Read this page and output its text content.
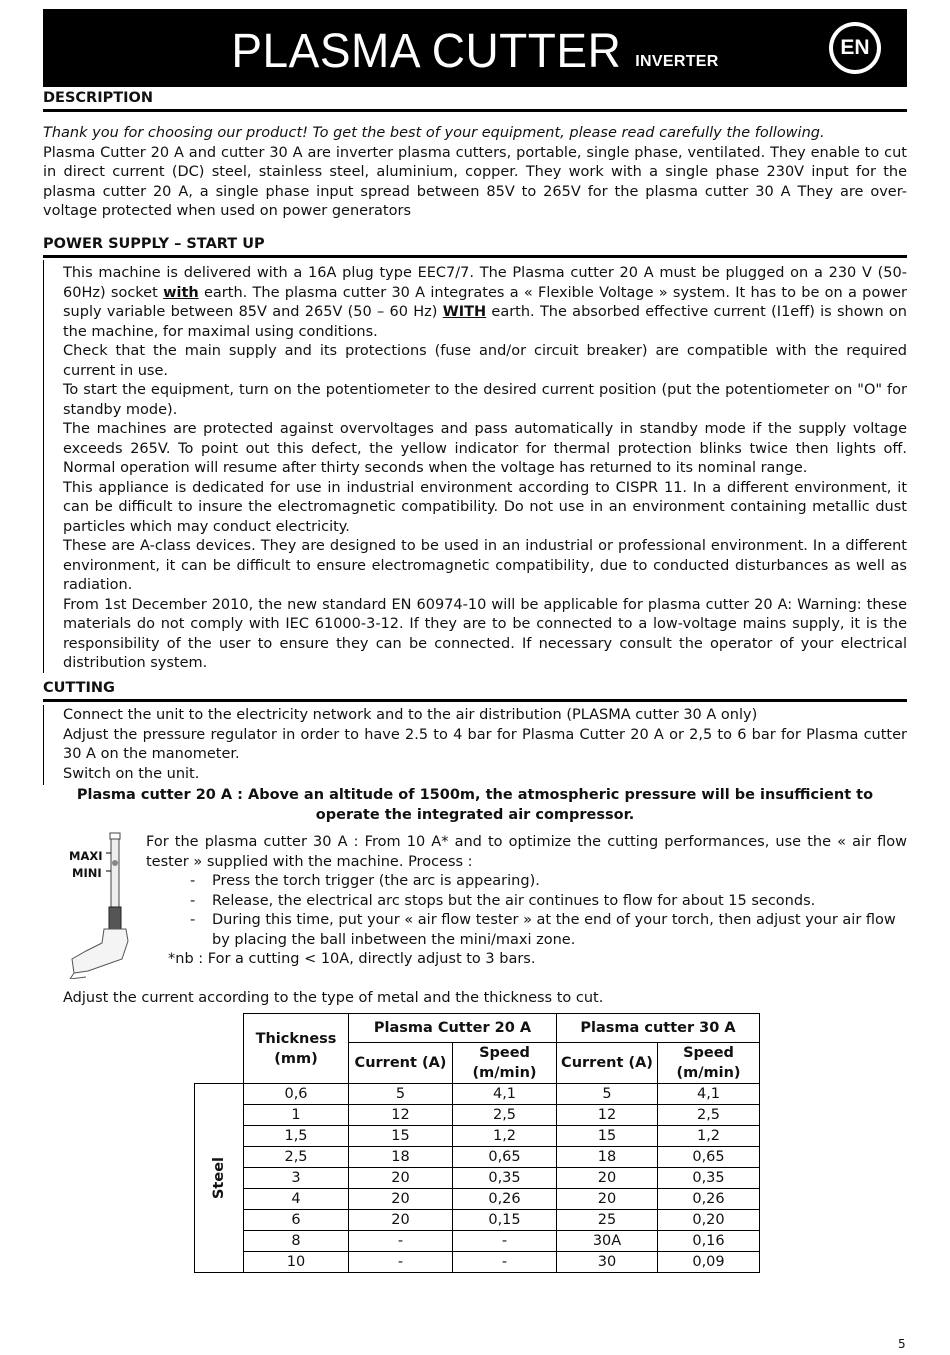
PLASMA CUTTER INVERTER
EN
DESCRIPTION

Thank you for choosing our product! To get the best of your equipment, please read carefully the following.

Plasma Cutter 20 A and cutter 30 A are inverter plasma cutters, portable, single phase, ventilated. They enable to cut in direct current (DC) steel, stainless steel, aluminium, copper. They work with a single phase 230V input for the plasma cutter 20 A, a single phase input spread between 85V to 265V for the plasma cutter 30 A They are over-voltage protected when used on power generators

POWER SUPPLY – START UP

This machine is delivered with a 16A plug type EEC7/7. The Plasma cutter 20 A must be plugged on a 230 V (50-60Hz) socket with earth. The plasma cutter 30 A integrates a « Flexible Voltage » system. It has to be on a power suply variable between 85V and 265V (50 – 60 Hz) WITH earth. The absorbed effective current (I1eff) is shown on the machine, for maximal using conditions.

Check that the main supply and its protections (fuse and/or circuit breaker) are compatible with the required current in use.

To start the equipment, turn on the potentiometer to the desired current position (put the potentiometer on "O" for standby mode).

The machines are protected against overvoltages and pass automatically in standby mode if the supply voltage exceeds 265V. To point out this defect, the yellow indicator for thermal protection blinks twice then lights off. Normal operation will resume after thirty seconds when the voltage has returned to its nominal range.

This appliance is dedicated for use in industrial environment according to CISPR 11. In a different environment, it can be difficult to insure the electromagnetic compatibility. Do not use in an environment containing metallic dust particles which may conduct electricity.

These are A-class devices. They are designed to be used in an industrial or professional environment. In a different environment, it can be difficult to ensure electromagnetic compatibility, due to conducted disturbances as well as radiation.

From 1st December 2010, the new standard EN 60974-10 will be applicable for plasma cutter 20 A: Warning: these materials do not comply with IEC 61000-3-12. If they are to be connected to a low-voltage mains supply, it is the responsibility of the user to ensure they can be connected. If necessary consult the operator of your electrical distribution system.

CUTTING

Connect the unit to the electricity network and to the air distribution (PLASMA cutter 30 A only)

Adjust the pressure regulator in order to have 2.5 to 4 bar for Plasma Cutter 20 A or 2,5 to 6 bar for Plasma cutter 30 A on the manometer.

Switch on the unit.

Plasma cutter 20 A : Above an altitude of 1500m, the atmospheric pressure will be insufficient to operate the integrated air compressor.
MAXI
MINI

For the plasma cutter 30 A : From 10 A* and to optimize the cutting performances, use the « air flow tester » supplied with the machine. Process :

- Press the torch trigger (the arc is appearing).
- Release, the electrical arc stops but the air continues to flow for about 15 seconds.
- During this time, put your « air flow tester » at the end of your torch, then adjust your air flow by placing the ball inbetween the mini/maxi zone.

*nb : For a cutting < 10A, directly adjust to 3 bars.

Adjust the current according to the type of metal and the thickness to cut.
	Thickness (mm)	Plasma Cutter 20 A		Plasma cutter 30 A	
		Current (A)	Speed (m/min)	Current (A)	Speed (m/min)

Steel	0,6	5	4,1	5	4,1
	1	12	2,5	12	2,5
	1,5	15	1,2	15	1,2
	2,5	18	0,65	18	0,65
	3	20	0,35	20	0,35
	4	20	0,26	20	0,26
	6	20	0,15	25	0,20
	8	-	-	30A	0,16
	10	-	-	30	0,09
5
